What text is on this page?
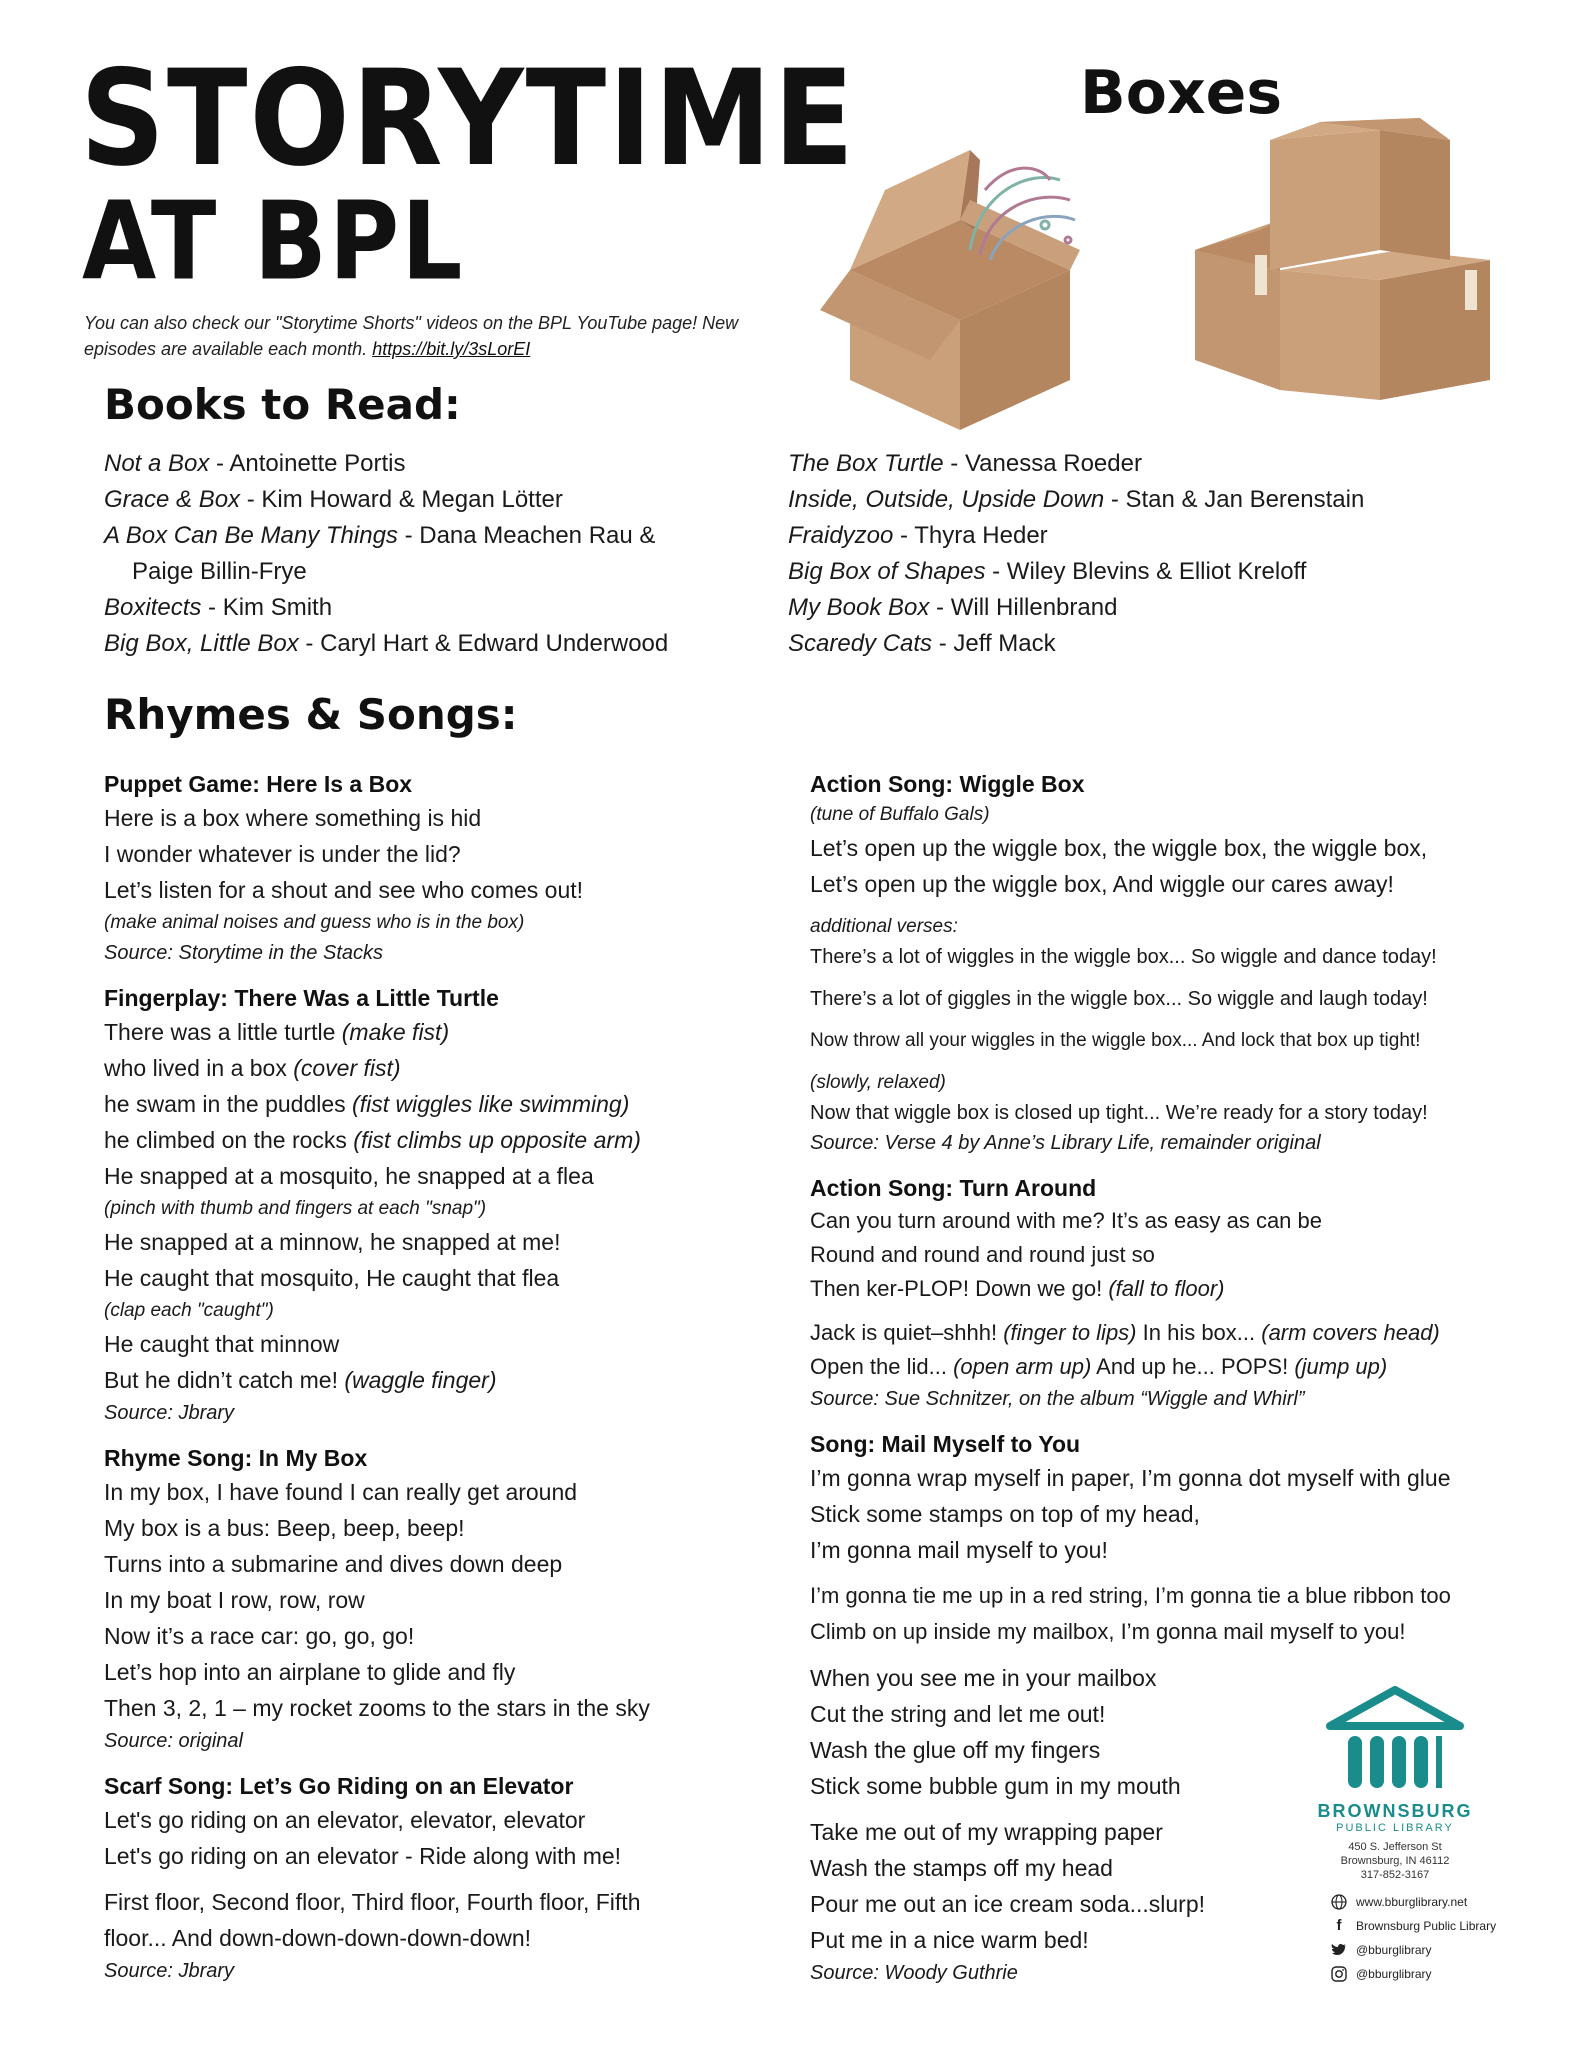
STORYTIME
AT BPL
You can also check our "Storytime Shorts" videos on the BPL YouTube page! New episodes are available each month. https://bit.ly/3sLorEI
Boxes
Books to Read:
Not a Box - Antoinette Portis
Grace & Box - Kim Howard & Megan Lötter
A Box Can Be Many Things - Dana Meachen Rau &
Paige Billin-Frye
Boxitects - Kim Smith
Big Box, Little Box - Caryl Hart & Edward Underwood
The Box Turtle - Vanessa Roeder
Inside, Outside, Upside Down - Stan & Jan Berenstain
Fraidyzoo - Thyra Heder
Big Box of Shapes - Wiley Blevins & Elliot Kreloff
My Book Box - Will Hillenbrand
Scaredy Cats - Jeff Mack
Rhymes & Songs:
Puppet Game: Here Is a Box
Here is a box where something is hid
I wonder whatever is under the lid?
Let’s listen for a shout and see who comes out!
(make animal noises and guess who is in the box)
Source: Storytime in the Stacks
Fingerplay: There Was a Little Turtle
There was a little turtle (make fist)
who lived in a box (cover fist)
he swam in the puddles (fist wiggles like swimming)
he climbed on the rocks (fist climbs up opposite arm)
He snapped at a mosquito, he snapped at a flea
(pinch with thumb and fingers at each "snap")
He snapped at a minnow, he snapped at me!
He caught that mosquito, He caught that flea
(clap each "caught")
He caught that minnow
But he didn’t catch me! (waggle finger)
Source: Jbrary
Rhyme Song: In My Box
In my box, I have found I can really get around
My box is a bus: Beep, beep, beep!
Turns into a submarine and dives down deep
In my boat I row, row, row
Now it’s a race car: go, go, go!
Let’s hop into an airplane to glide and fly
Then 3, 2, 1 – my rocket zooms to the stars in the sky
Source: original
Scarf Song: Let’s Go Riding on an Elevator
Let's go riding on an elevator, elevator, elevator
Let's go riding on an elevator - Ride along with me!
First floor, Second floor, Third floor, Fourth floor, Fifth
floor... And down-down-down-down-down!
Source: Jbrary
Action Song: Wiggle Box
(tune of Buffalo Gals)
Let’s open up the wiggle box, the wiggle box, the wiggle box,
Let’s open up the wiggle box, And wiggle our cares away!
additional verses:
There’s a lot of wiggles in the wiggle box... So wiggle and dance today!
There’s a lot of giggles in the wiggle box... So wiggle and laugh today!
Now throw all your wiggles in the wiggle box... And lock that box up tight!
(slowly, relaxed)
Now that wiggle box is closed up tight... We’re ready for a story today!
Source: Verse 4 by Anne’s Library Life, remainder original
Action Song: Turn Around
Can you turn around with me? It’s as easy as can be
Round and round and round just so
Then ker-PLOP! Down we go! (fall to floor)
Jack is quiet–shhh! (finger to lips) In his box... (arm covers head)
Open the lid... (open arm up) And up he... POPS! (jump up)
Source: Sue Schnitzer, on the album “Wiggle and Whirl”
Song: Mail Myself to You
I’m gonna wrap myself in paper, I’m gonna dot myself with glue
Stick some stamps on top of my head,
I’m gonna mail myself to you!
I’m gonna tie me up in a red string, I’m gonna tie a blue ribbon too
Climb on up inside my mailbox, I’m gonna mail myself to you!
When you see me in your mailbox
Cut the string and let me out!
Wash the glue off my fingers
Stick some bubble gum in my mouth
Take me out of my wrapping paper
Wash the stamps off my head
Pour me out an ice cream soda...slurp!
Put me in a nice warm bed!
Source: Woody Guthrie
BROWNSBURG
PUBLIC LIBRARY
450 S. Jefferson St
Brownsburg, IN 46112
317-852-3167
www.bburglibrary.net
f	Brownsburg Public Library
@bburglibrary
@bburglibrary
